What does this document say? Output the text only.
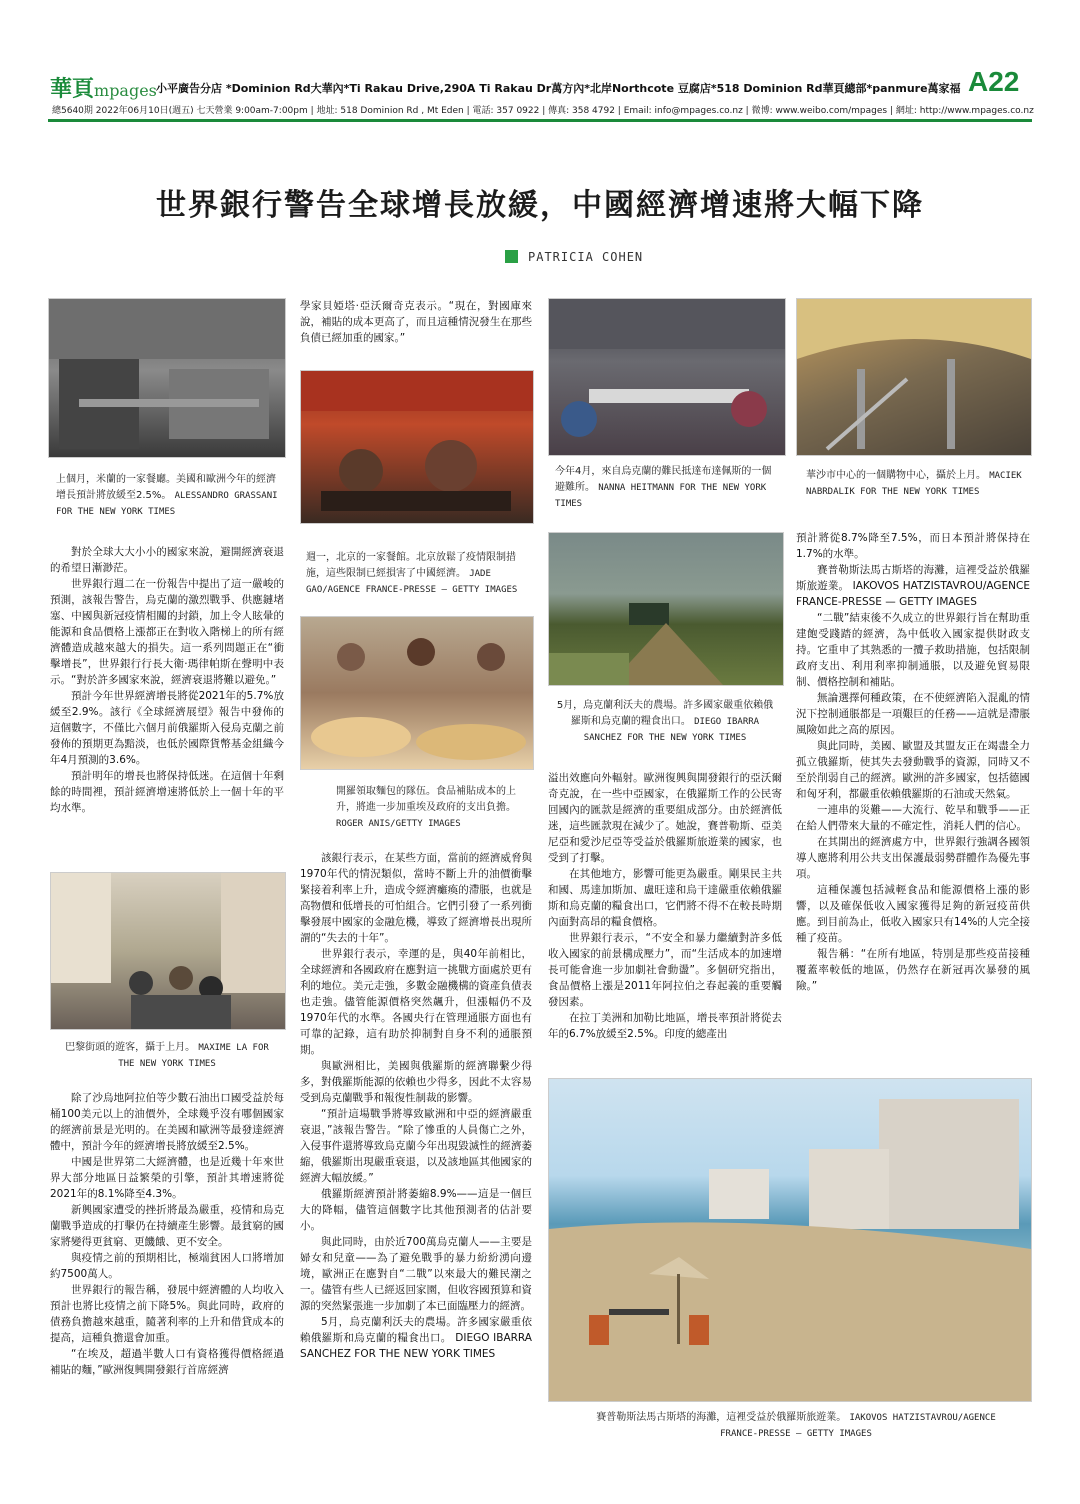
華頁mpages 小平廣告分店 *Dominion Rd大華內*Ti Rakau Drive,290A Ti Rakau Dr萬方內*北岸Northcote 豆腐店*518 Dominion Rd華頁總部*panmure萬家福 A22
總5640期 2022年06月10日(週五) 七天營業 9:00am-7:00pm | 地址: 518 Dominion Rd , Mt Eden | 電話: 357 0922 | 傳真: 358 4792 | Email: info@mpages.co.nz | 微博: www.weibo.com/mpages | 網址: http://www.mpages.co.nz
世界銀行警告全球增長放緩，中國經濟增速將大幅下降
PATRICIA COHEN
上個月，米蘭的一家餐廳。美國和歐洲今年的經濟增長預計將放緩至2.5%。 ALESSANDRO GRASSANI FOR THE NEW YORK TIMES
週一，北京的一家餐館。北京放鬆了疫情限制措施，這些限制已經損害了中國經濟。 JADE GAO/AGENCE FRANCE-PRESSE — GETTY IMAGES
開羅領取麵包的隊伍。食品補貼成本的上升，將進一步加重埃及政府的支出負擔。 ROGER ANIS/GETTY IMAGES
今年4月，來自烏克蘭的難民抵達布達佩斯的一個避難所。 NANNA HEITMANN FOR THE NEW YORK TIMES
華沙市中心的一個購物中心，攝於上月。 MACIEK NABRDALIK FOR THE NEW YORK TIMES
5月，烏克蘭利沃夫的農場。許多國家嚴重依賴俄羅斯和烏克蘭的糧食出口。 DIEGO IBARRA SANCHEZ FOR THE NEW YORK TIMES
巴黎街頭的遊客，攝于上月。 MAXIME LA FOR THE NEW YORK TIMES
賽普勒斯法馬古斯塔的海灘，這裡受益於俄羅斯旅遊業。 IAKOVOS HATZISTAVROU/AGENCE FRANCE-PRESSE — GETTY IMAGES

對於全球大大小小的國家來說，避開經濟衰退的希望日漸渺茫。

世界銀行週二在一份報告中提出了這一嚴峻的預測，該報告警告，烏克蘭的激烈戰爭、供應鏈堵塞、中國與新冠疫情相關的封鎖，加上令人眩暈的能源和食品價格上漲都正在對收入階梯上的所有經濟體造成越來越大的損失。這一系列問題正在“衝擊增長”，世界銀行行長大衛·瑪律帕斯在聲明中表示。“對於許多國家來說，經濟衰退將難以避免。”

預計今年世界經濟增長將從2021年的5.7%放緩至2.9%。該行《全球經濟展望》報告中發佈的這個數字，不僅比六個月前俄羅斯入侵烏克蘭之前發佈的預期更為黯淡，也低於國際貨幣基金組織今年4月預測的3.6%。

預計明年的增長也將保持低迷。在這個十年剩餘的時間裡，預計經濟增速將低於上一個十年的平均水準。

除了沙烏地阿拉伯等少數石油出口國受益於每桶100美元以上的油價外，全球幾乎沒有哪個國家的經濟前景是光明的。在美國和歐洲等最發達經濟體中，預計今年的經濟增長將放緩至2.5%。

中國是世界第二大經濟體，也是近幾十年來世界大部分地區日益繁榮的引擎，預計其增速將從2021年的8.1%降至4.3%。

新興國家遭受的挫折將最為嚴重，疫情和烏克蘭戰爭造成的打擊仍在持續產生影響。最貧窮的國家將變得更貧窮、更饑餓、更不安全。

與疫情之前的預期相比，極端貧困人口將增加約7500萬人。

世界銀行的報告稱，發展中經濟體的人均收入預計也將比疫情之前下降5%。與此同時，政府的債務負擔越來越重，隨著利率的上升和借貸成本的提高，這種負擔還會加重。

“在埃及，超過半數人口有資格獲得價格經過補貼的麵，”歐洲復興開發銀行首席經濟

學家貝婭塔·亞沃爾奇克表示。“現在，對國庫來說，補貼的成本更高了，而且這種情況發生在那些負債已經加重的國家。”

該銀行表示，在某些方面，當前的經濟威脅與1970年代的情況類似，當時不斷上升的油價衝擊緊接着利率上升，造成令經濟癱瘓的滯脹，也就是高物價和低增長的可怕組合。它們引發了一系列衝擊發展中國家的金融危機，導致了經濟增長出現所謂的“失去的十年”。

世界銀行表示，幸運的是，與40年前相比，全球經濟和各國政府在應對這一挑戰方面處於更有利的地位。美元走強，多數金融機構的資產負債表也走強。儘管能源價格突然飆升，但漲幅仍不及1970年代的水準。各國央行在管理通脹方面也有可靠的記錄，這有助於抑制對自身不利的通脹預期。

與歐洲相比，美國與俄羅斯的經濟聯繫少得多，對俄羅斯能源的依賴也少得多，因此不太容易受到烏克蘭戰爭和報復性制裁的影響。

“預計這場戰爭將導致歐洲和中亞的經濟嚴重衰退，”該報告警告。“除了慘重的人員傷亡之外，入侵事件還將導致烏克蘭今年出現毀滅性的經濟萎縮，俄羅斯出現嚴重衰退，以及該地區其他國家的經濟大幅放緩。”

俄羅斯經濟預計將萎縮8.9%——這是一個巨大的降幅，儘管這個數字比其他預測者的估計要小。

與此同時，由於近700萬烏克蘭人——主要是婦女和兒童——為了避免戰爭的暴力紛紛湧向邊境，歐洲正在應對自“二戰”以來最大的難民潮之一。儘管有些人已經返回家園，但收容國預算和資源的突然緊張進一步加劇了本已面臨壓力的經濟。

5月，烏克蘭利沃夫的農場。許多國家嚴重依賴俄羅斯和烏克蘭的糧食出口。 DIEGO IBARRA SANCHEZ FOR THE NEW YORK TIMES

溢出效應向外輻射。歐洲復興與開發銀行的亞沃爾奇克說，在一些中亞國家，在俄羅斯工作的公民寄回國內的匯款是經濟的重要組成部分。由於經濟低迷，這些匯款現在減少了。她說，賽普勒斯、亞美尼亞和愛沙尼亞等受益於俄羅斯旅遊業的國家，也受到了打擊。

在其他地方，影響可能更為嚴重。剛果民主共和國、馬達加斯加、盧旺達和烏干達嚴重依賴俄羅斯和烏克蘭的糧食出口，它們將不得不在較長時期內面對高昂的糧食價格。

世界銀行表示，“不安全和暴力繼續對許多低收入國家的前景構成壓力”，而“生活成本的加速增長可能會進一步加劇社會動盪”。多個研究指出，食品價格上漲是2011年阿拉伯之春起義的重要觸發因素。

在拉丁美洲和加勒比地區，增長率預計將從去年的6.7%放緩至2.5%。印度的總產出

預計將從8.7%降至7.5%，而日本預計將保持在1.7%的水準。

賽普勒斯法馬古斯塔的海灘，這裡受益於俄羅斯旅遊業。 IAKOVOS HATZISTAVROU/AGENCE FRANCE-PRESSE — GETTY IMAGES

“二戰”結束後不久成立的世界銀行旨在幫助重建飽受踐踏的經濟，為中低收入國家提供財政支持。它重申了其熟悉的一攬子救助措施，包括限制政府支出、利用利率抑制通脹，以及避免貿易限制、價格控制和補貼。

無論選擇何種政策，在不使經濟陷入混亂的情況下控制通脹都是一項艱巨的任務——這就是滯脹風險如此之高的原因。

與此同時，美國、歐盟及其盟友正在竭盡全力孤立俄羅斯，使其失去發動戰爭的資源，同時又不至於削弱自己的經濟。歐洲的許多國家，包括德國和匈牙利，都嚴重依賴俄羅斯的石油或天然氣。

一連串的災難——大流行、乾旱和戰爭——正在給人們帶來大量的不確定性，消耗人們的信心。

在其開出的經濟處方中，世界銀行強調各國領導人應將利用公共支出保護最弱勢群體作為優先事項。

這種保護包括減輕食品和能源價格上漲的影響，以及確保低收入國家獲得足夠的新冠疫苗供應。到目前為止，低收入國家只有14%的人完全接種了疫苗。

報告稱：“在所有地區，特別是那些疫苗接種覆蓋率較低的地區，仍然存在新冠再次暴發的風險。”
